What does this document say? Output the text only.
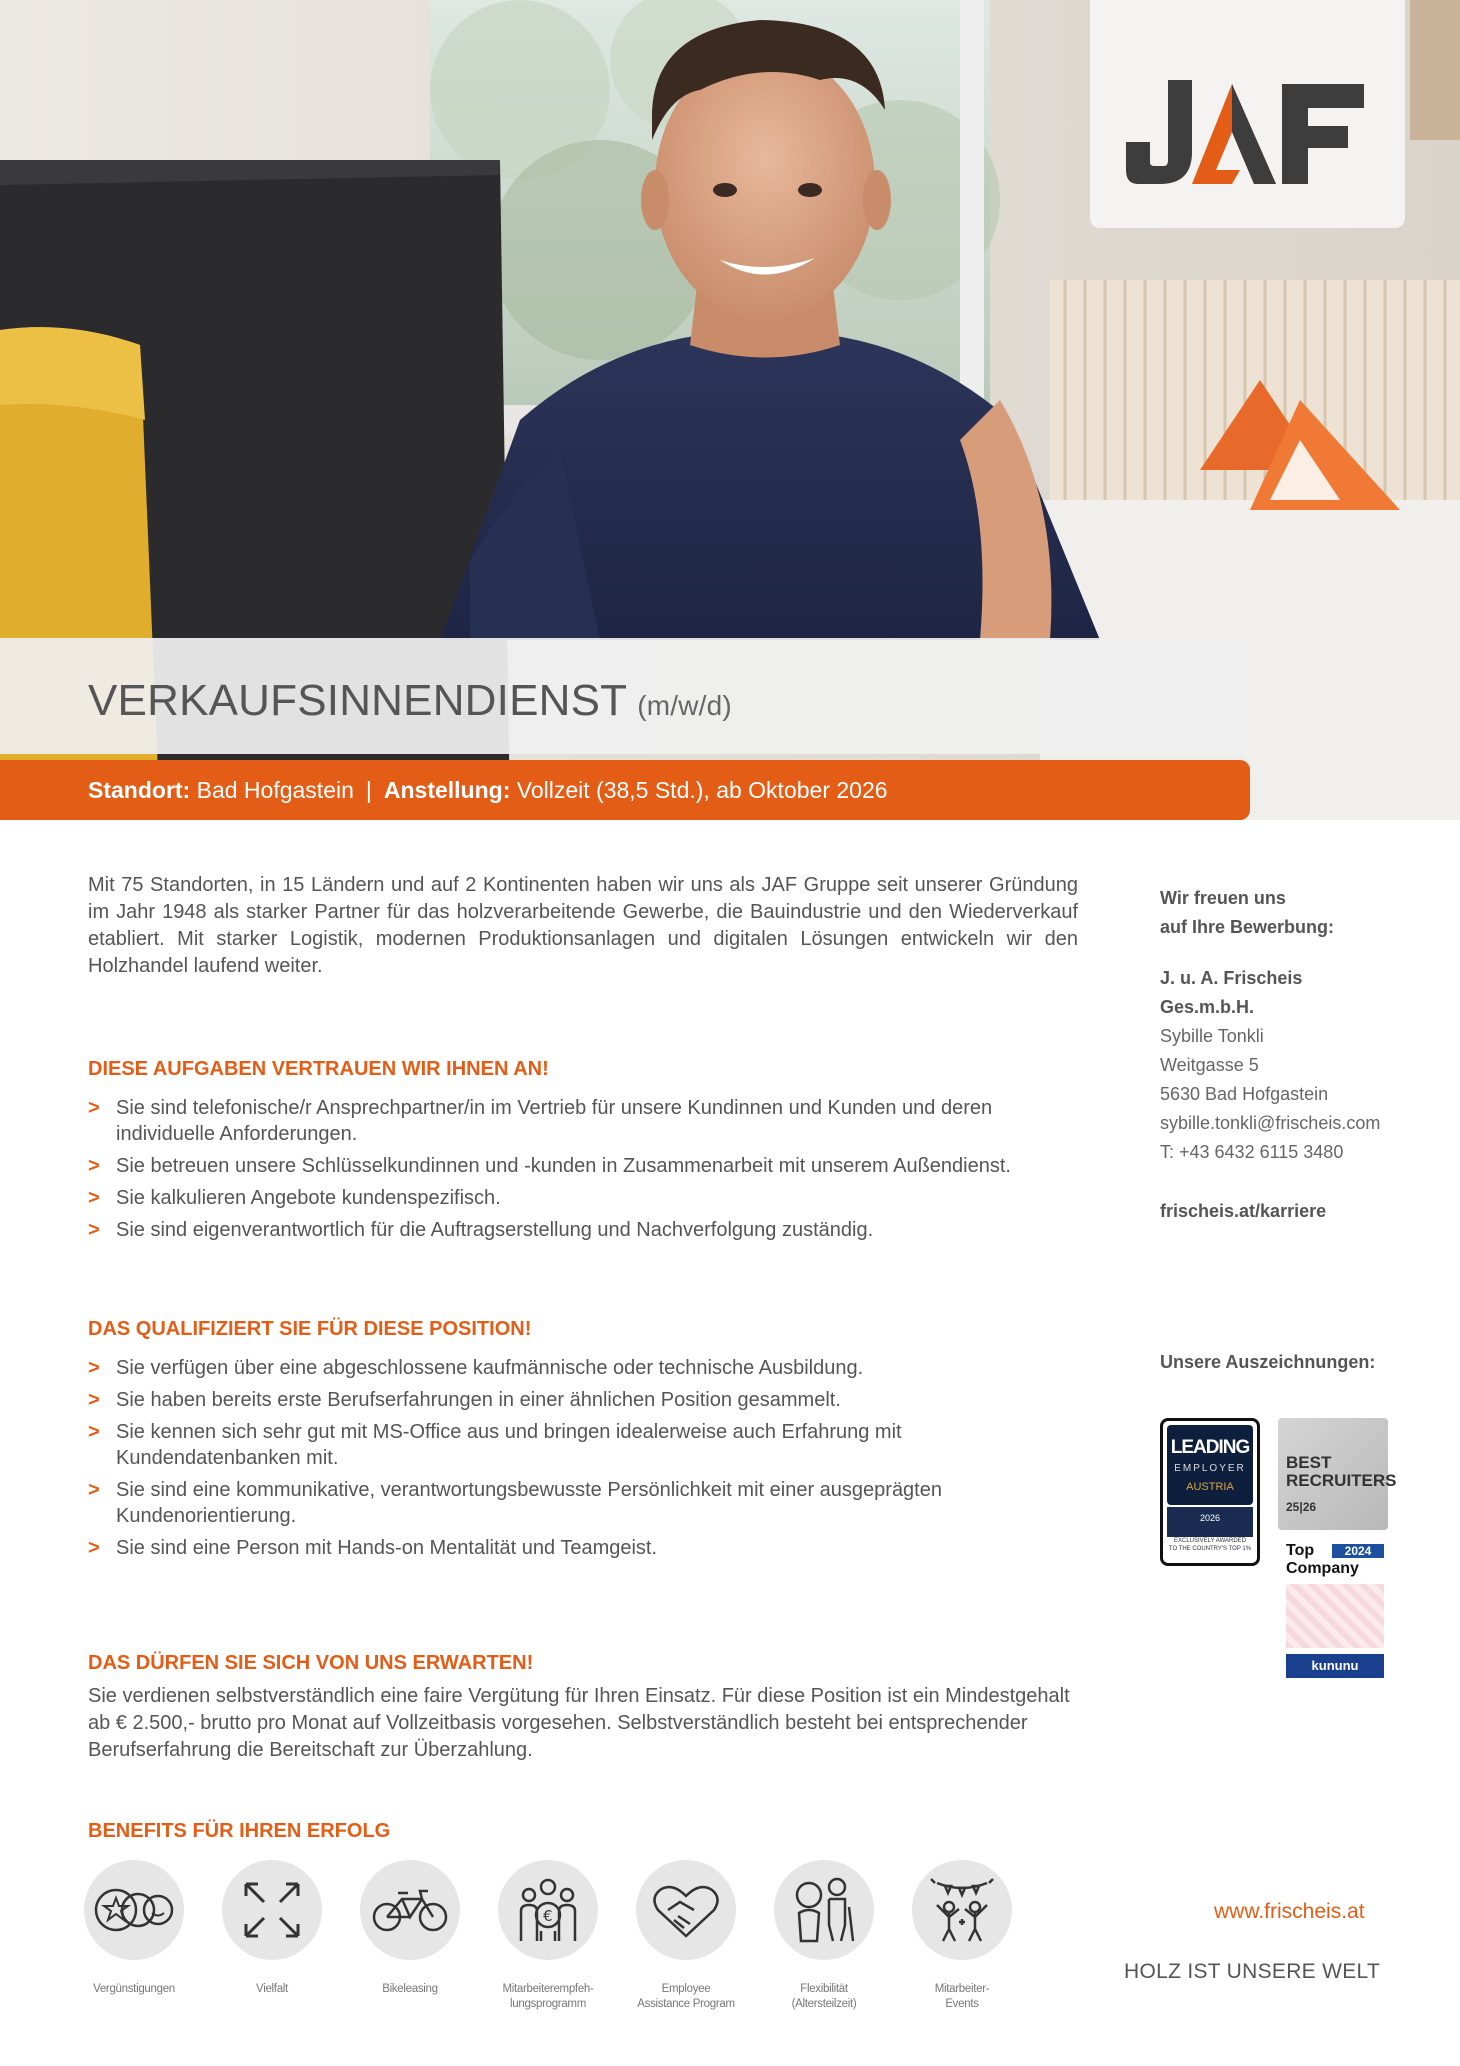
VERKAUFSINNENDIENST (m/w/d)
Standort: Bad Hofgastein | Anstellung: Vollzeit (38,5 Std.), ab Oktober 2026

Mit 75 Standorten, in 15 Ländern und auf 2 Kontinenten haben wir uns als JAF Gruppe seit unserer Gründung im Jahr 1948 als starker Partner für das holzverarbeitende Gewerbe, die Bauindustrie und den Wiederverkauf etabliert. Mit starker Logistik, modernen Produktionsanlagen und digitalen Lösungen entwickeln wir den Holzhandel laufend weiter.

DIESE AUFGABEN VERTRAUEN WIR IHNEN AN!
> Sie sind telefonische/r Ansprechpartner/in im Vertrieb für unsere Kundinnen und Kunden und deren individuelle Anforderungen.
> Sie betreuen unsere Schlüsselkundinnen und -kunden in Zusammenarbeit mit unserem Außendienst.
> Sie kalkulieren Angebote kundenspezifisch.
> Sie sind eigenverantwortlich für die Auftragserstellung und Nachverfolgung zuständig.
DAS QUALIFIZIERT SIE FÜR DIESE POSITION!
> Sie verfügen über eine abgeschlossene kaufmännische oder technische Ausbildung.
> Sie haben bereits erste Berufserfahrungen in einer ähnlichen Position gesammelt.
> Sie kennen sich sehr gut mit MS-Office aus und bringen idealerweise auch Erfahrung mit Kundendatenbanken mit.
> Sie sind eine kommunikative, verantwortungsbewusste Persönlichkeit mit einer ausgeprägten Kundenorientierung.
> Sie sind eine Person mit Hands-on Mentalität und Teamgeist.
DAS DÜRFEN SIE SICH VON UNS ERWARTEN!

Sie verdienen selbstverständlich eine faire Vergütung für Ihren Einsatz. Für diese Position ist ein Mindestgehalt ab € 2.500,- brutto pro Monat auf Vollzeitbasis vorgesehen. Selbstverständlich besteht bei entsprechender Berufserfahrung die Bereitschaft zur Überzahlung.

BENEFITS FÜR IHREN ERFOLG
Vergünstigungen	Vielfalt	Bikeleasing
€
Mitarbeiterempfeh-
lungsprogramm
Employee
Assistance Program
Flexibilität
(Altersteilzeit)
Mitarbeiter-
Events
Wir freuen uns
auf Ihre Bewerbung:
J. u. A. Frischeis
Ges.m.b.H.
Sybille Tonkli
Weitgasse 5
5630 Bad Hofgastein
sybille.tonkli@frischeis.com
T: +43 6432 6115 3480
frischeis.at/karriere
Unsere Auszeichnungen:
LEADING
EMPLOYER
AUSTRIA
2026
EXCLUSIVELY AWARDED
TO THE COUNTRY'S TOP 1%
BEST
RECRUITERS
25|26
Top	2024
Company
kununu
www.frischeis.at
HOLZ IST UNSERE WELT
